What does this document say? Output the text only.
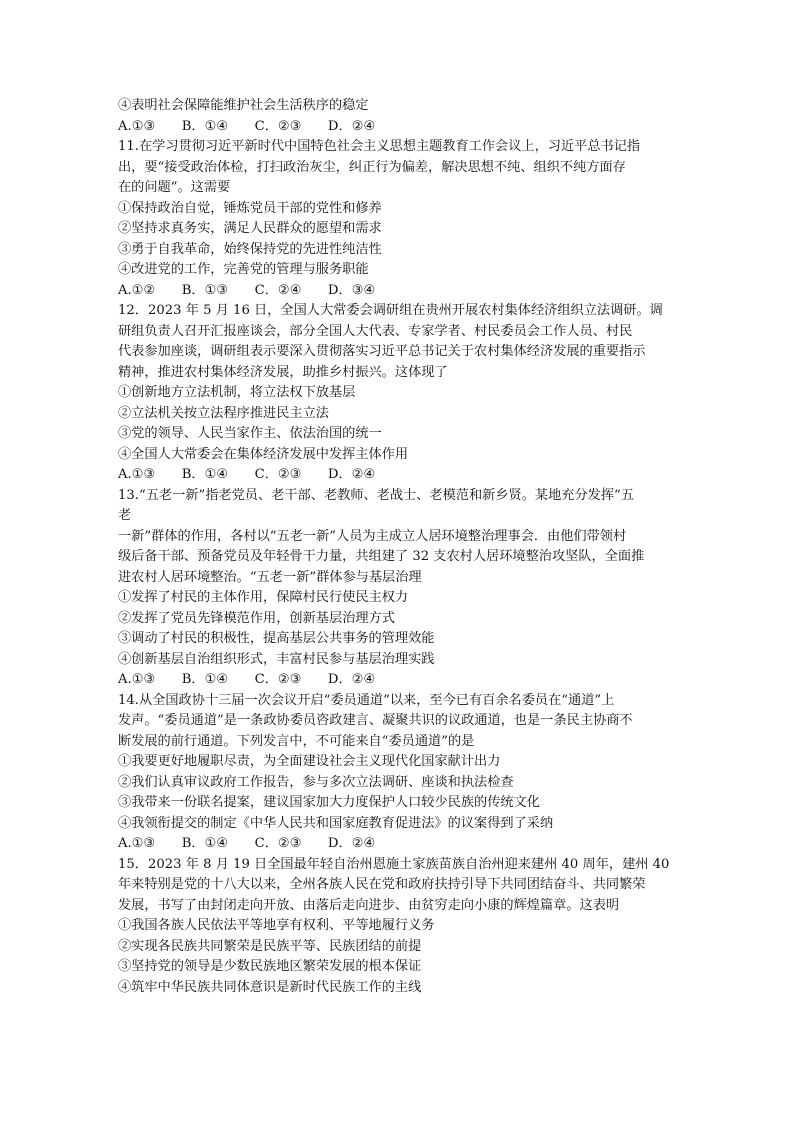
④表明社会保障能维护社会生活秩序的稳定
A.①③　　B．①④　　C．②③　　D．②④
11.在学习贯彻习近平新时代中国特色社会主义思想主题教育工作会议上，习近平总书记指
出，要“接受政治体检，打扫政治灰尘，纠正行为偏差，解决思想不纯、组织不纯方面存
在的问题”。这需要
①保持政治自觉，锤炼党员干部的党性和修养
②坚持求真务实，满足人民群众的愿望和需求
③勇于自我革命，始终保持党的先进性纯洁性
④改进党的工作，完善党的管理与服务职能
A.①②　　B．①③　　C．②④　　D．③④
12．2023 年 5 月 16 日，全国人大常委会调研组在贵州开展农村集体经济组织立法调研。调
研组负责人召开汇报座谈会，部分全国人大代表、专家学者、村民委员会工作人员、村民
代表参加座谈，调研组表示要深入贯彻落实习近平总书记关于农村集体经济发展的重要指示
精神，推进农村集体经济发展，助推乡村振兴。这体现了
①创新地方立法机制，将立法权下放基层
②立法机关按立法程序推进民主立法
③党的领导、人民当家作主、依法治国的统一
④全国人大常委会在集体经济发展中发挥主体作用
A.①③　　B．①④　　C．②③　　D．②④
13.“五老一新”指老党员、老干部、老教师、老战士、老模范和新乡贤。某地充分发挥“五
老
一新”群体的作用，各村以“五老一新”人员为主成立人居环境整治理事会．由他们带领村
级后备干部、预备党员及年轻骨干力量，共组建了 32 支农村人居环境整治攻坚队，全面推
进农村人居环境整治。“五老一新”群体参与基层治理
①发挥了村民的主体作用，保障村民行使民主权力
②发挥了党员先锋模范作用，创新基层治理方式
③调动了村民的积极性，提高基层公共事务的管理效能
④创新基层自治组织形式，丰富村民参与基层治理实践
A.①③　　B．①④　　C．②③　　D．②④
14.从全国政协十三届一次会议开启“委员通道”以来，至今已有百余名委员在“通道”上
发声。“委员通道”是一条政协委员咨政建言、凝聚共识的议政通道，也是一条民主协商不
断发展的前行通道。下列发言中，不可能来自“委员通道”的是
①我要更好地履职尽责，为全面建设社会主义现代化国家献计出力
②我们认真审议政府工作报告，参与多次立法调研、座谈和执法检查
③我带来一份联名提案，建议国家加大力度保护人口较少民族的传统文化
④我领衔提交的制定《中华人民共和国家庭教育促进法》的议案得到了采纳
A.①③　　B．①④　　C．②③　　D．②④
15．2023 年 8 月 19 日全国最年轻自治州恩施土家族苗族自治州迎来建州 40 周年，建州 40
年来特别是党的十八大以来，全州各族人民在党和政府扶持引导下共同团结奋斗、共同繁荣
发展，书写了由封闭走向开放、由落后走向进步、由贫穷走向小康的辉煌篇章。这表明
①我国各族人民依法平等地享有权利、平等地履行义务
②实现各民族共同繁荣是民族平等、民族团结的前提
③坚持党的领导是少数民族地区繁荣发展的根本保证
④筑牢中华民族共同体意识是新时代民族工作的主线
